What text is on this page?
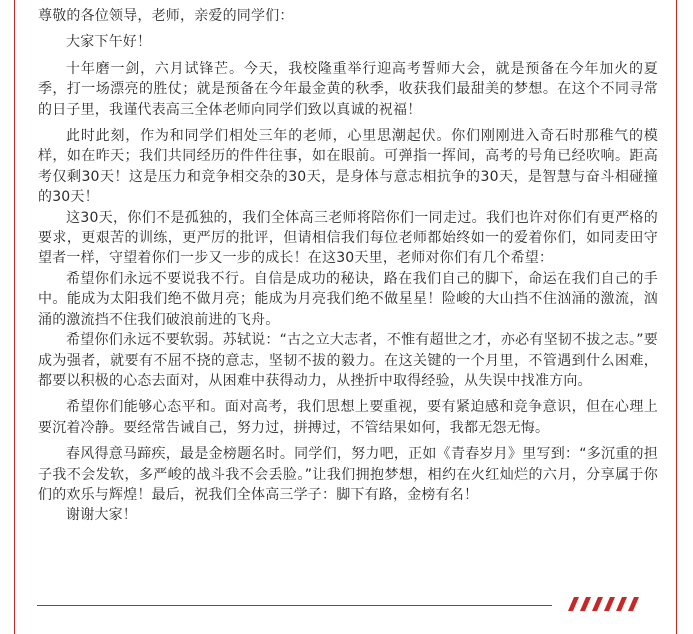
尊敬的各位领导，老师，亲爱的同学们：

大家下午好！

十年磨一剑，六月试锋芒。今天，我校隆重举行迎高考誓师大会，就是预备在今年加火的夏季，打一场漂亮的胜仗；就是预备在今年最金黄的秋季，收获我们最甜美的梦想。在这个不同寻常的日子里，我谨代表高三全体老师向同学们致以真诚的祝福！

此时此刻，作为和同学们相处三年的老师，心里思潮起伏。你们刚刚进入奇石时那稚气的模样，如在昨天；我们共同经历的件件往事，如在眼前。可弹指一挥间，高考的号角已经吹响。距高考仅剩30天！这是压力和竞争相交杂的30天，是身体与意志相抗争的30天，是智慧与奋斗相碰撞的30天！

这30天，你们不是孤独的，我们全体高三老师将陪你们一同走过。我们也许对你们有更严格的要求，更艰苦的训练，更严厉的批评，但请相信我们每位老师都始终如一的爱着你们，如同麦田守望者一样，守望着你们一步又一步的成长！在这30天里，老师对你们有几个希望：

希望你们永远不要说我不行。自信是成功的秘诀，路在我们自己的脚下，命运在我们自己的手中。能成为太阳我们绝不做月亮；能成为月亮我们绝不做星星！险峻的大山挡不住汹涌的激流，汹涌的激流挡不住我们破浪前进的飞舟。

希望你们永远不要软弱。苏轼说：“古之立大志者，不惟有超世之才，亦必有坚韧不拔之志。”要成为强者，就要有不屈不挠的意志，坚韧不拔的毅力。在这关键的一个月里，不管遇到什么困难，都要以积极的心态去面对，从困难中获得动力，从挫折中取得经验，从失误中找准方向。

希望你们能够心态平和。面对高考，我们思想上要重视，要有紧迫感和竞争意识，但在心理上要沉着冷静。要经常告诫自己，努力过，拼搏过，不管结果如何，我都无怨无悔。

春风得意马蹄疾，最是金榜题名时。同学们，努力吧，正如《青春岁月》里写到：“多沉重的担子我不会发软，多严峻的战斗我不会丢脸。”让我们拥抱梦想，相约在火红灿烂的六月，分享属于你们的欢乐与辉煌！最后，祝我们全体高三学子：脚下有路，金榜有名！

谢谢大家！
